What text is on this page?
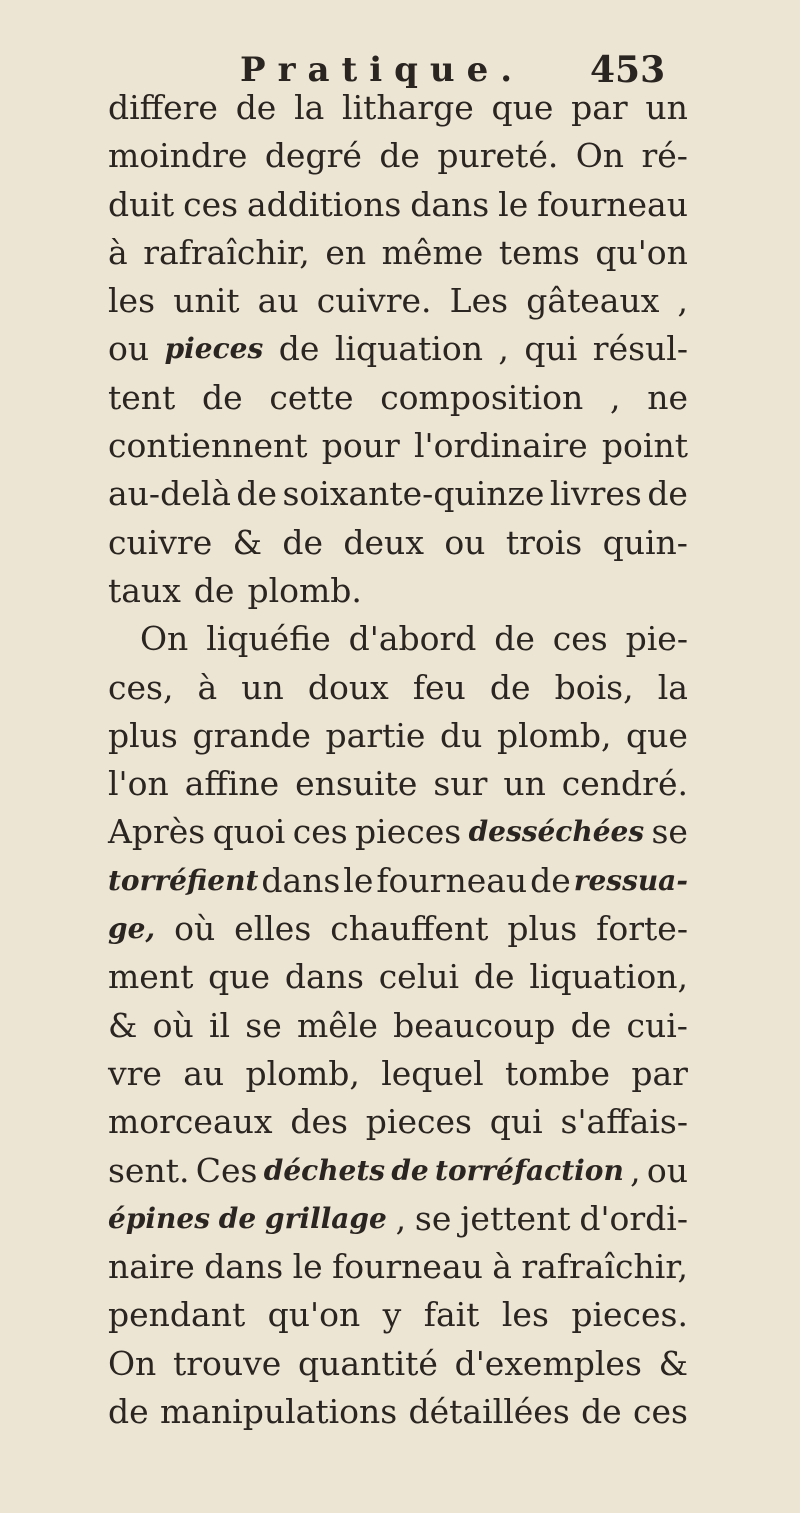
Pratique. 453
differe de la litharge que par un
moindre degré de pureté. On ré-
duit ces additions dans le fourneau
à rafraîchir, en même tems qu'on
les unit au cuivre. Les gâteaux ,
ou pieces de liquation , qui résul-
tent de cette composition , ne
contiennent pour l'ordinaire point
au-delà de soixante-quinze livres de
cuivre & de deux ou trois quin-
taux de plomb.
On liquéfie d'abord de ces pie-
ces, à un doux feu de bois, la
plus grande partie du plomb, que
l'on affine ensuite sur un cendré.
Après quoi ces pieces desséchées se
torréfient dans le fourneau de ressua-
ge, où elles chauffent plus forte-
ment que dans celui de liquation,
& où il se mêle beaucoup de cui-
vre au plomb, lequel tombe par
morceaux des pieces qui s'affais-
sent. Ces déchets de torréfaction , ou
épines de grillage , se jettent d'ordi-
naire dans le fourneau à rafraîchir,
pendant qu'on y fait les pieces.
On trouve quantité d'exemples &
de manipulations détaillées de ces
